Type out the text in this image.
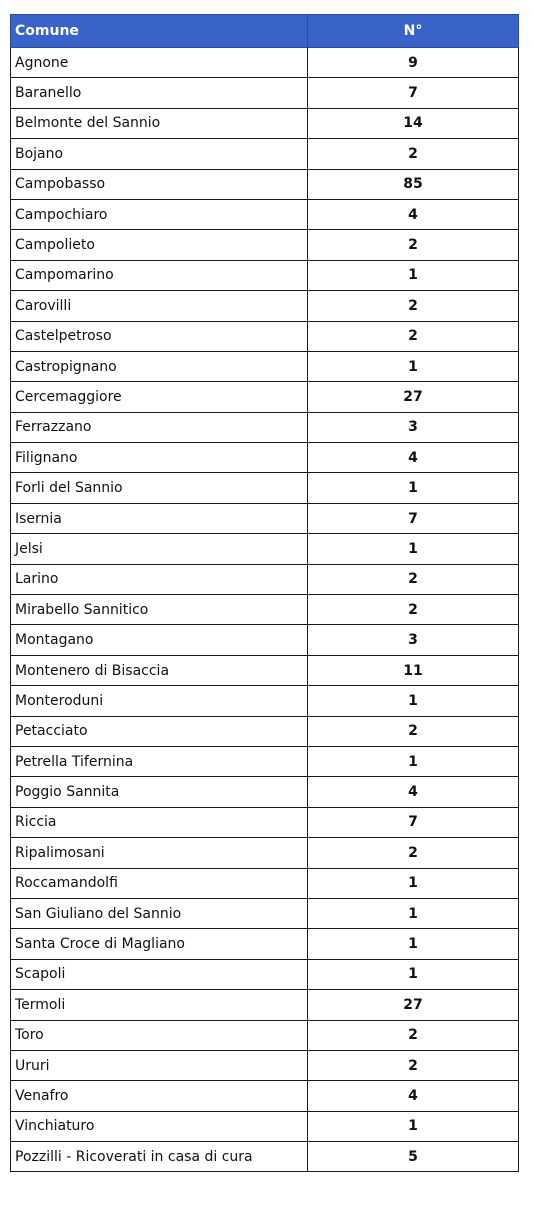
Comune	N°
Agnone	9
Baranello	7
Belmonte del Sannio	14
Bojano	2
Campobasso	85
Campochiaro	4
Campolieto	2
Campomarino	1
Carovilli	2
Castelpetroso	2
Castropignano	1
Cercemaggiore	27
Ferrazzano	3
Filignano	4
Forli del Sannio	1
Isernia	7
Jelsi	1
Larino	2
Mirabello Sannitico	2
Montagano	3
Montenero di Bisaccia	11
Monteroduni	1
Petacciato	2
Petrella Tifernina	1
Poggio Sannita	4
Riccia	7
Ripalimosani	2
Roccamandolfi	1
San Giuliano del Sannio	1
Santa Croce di Magliano	1
Scapoli	1
Termoli	27
Toro	2
Ururi	2
Venafro	4
Vinchiaturo	1
Pozzilli - Ricoverati in casa di cura	5
